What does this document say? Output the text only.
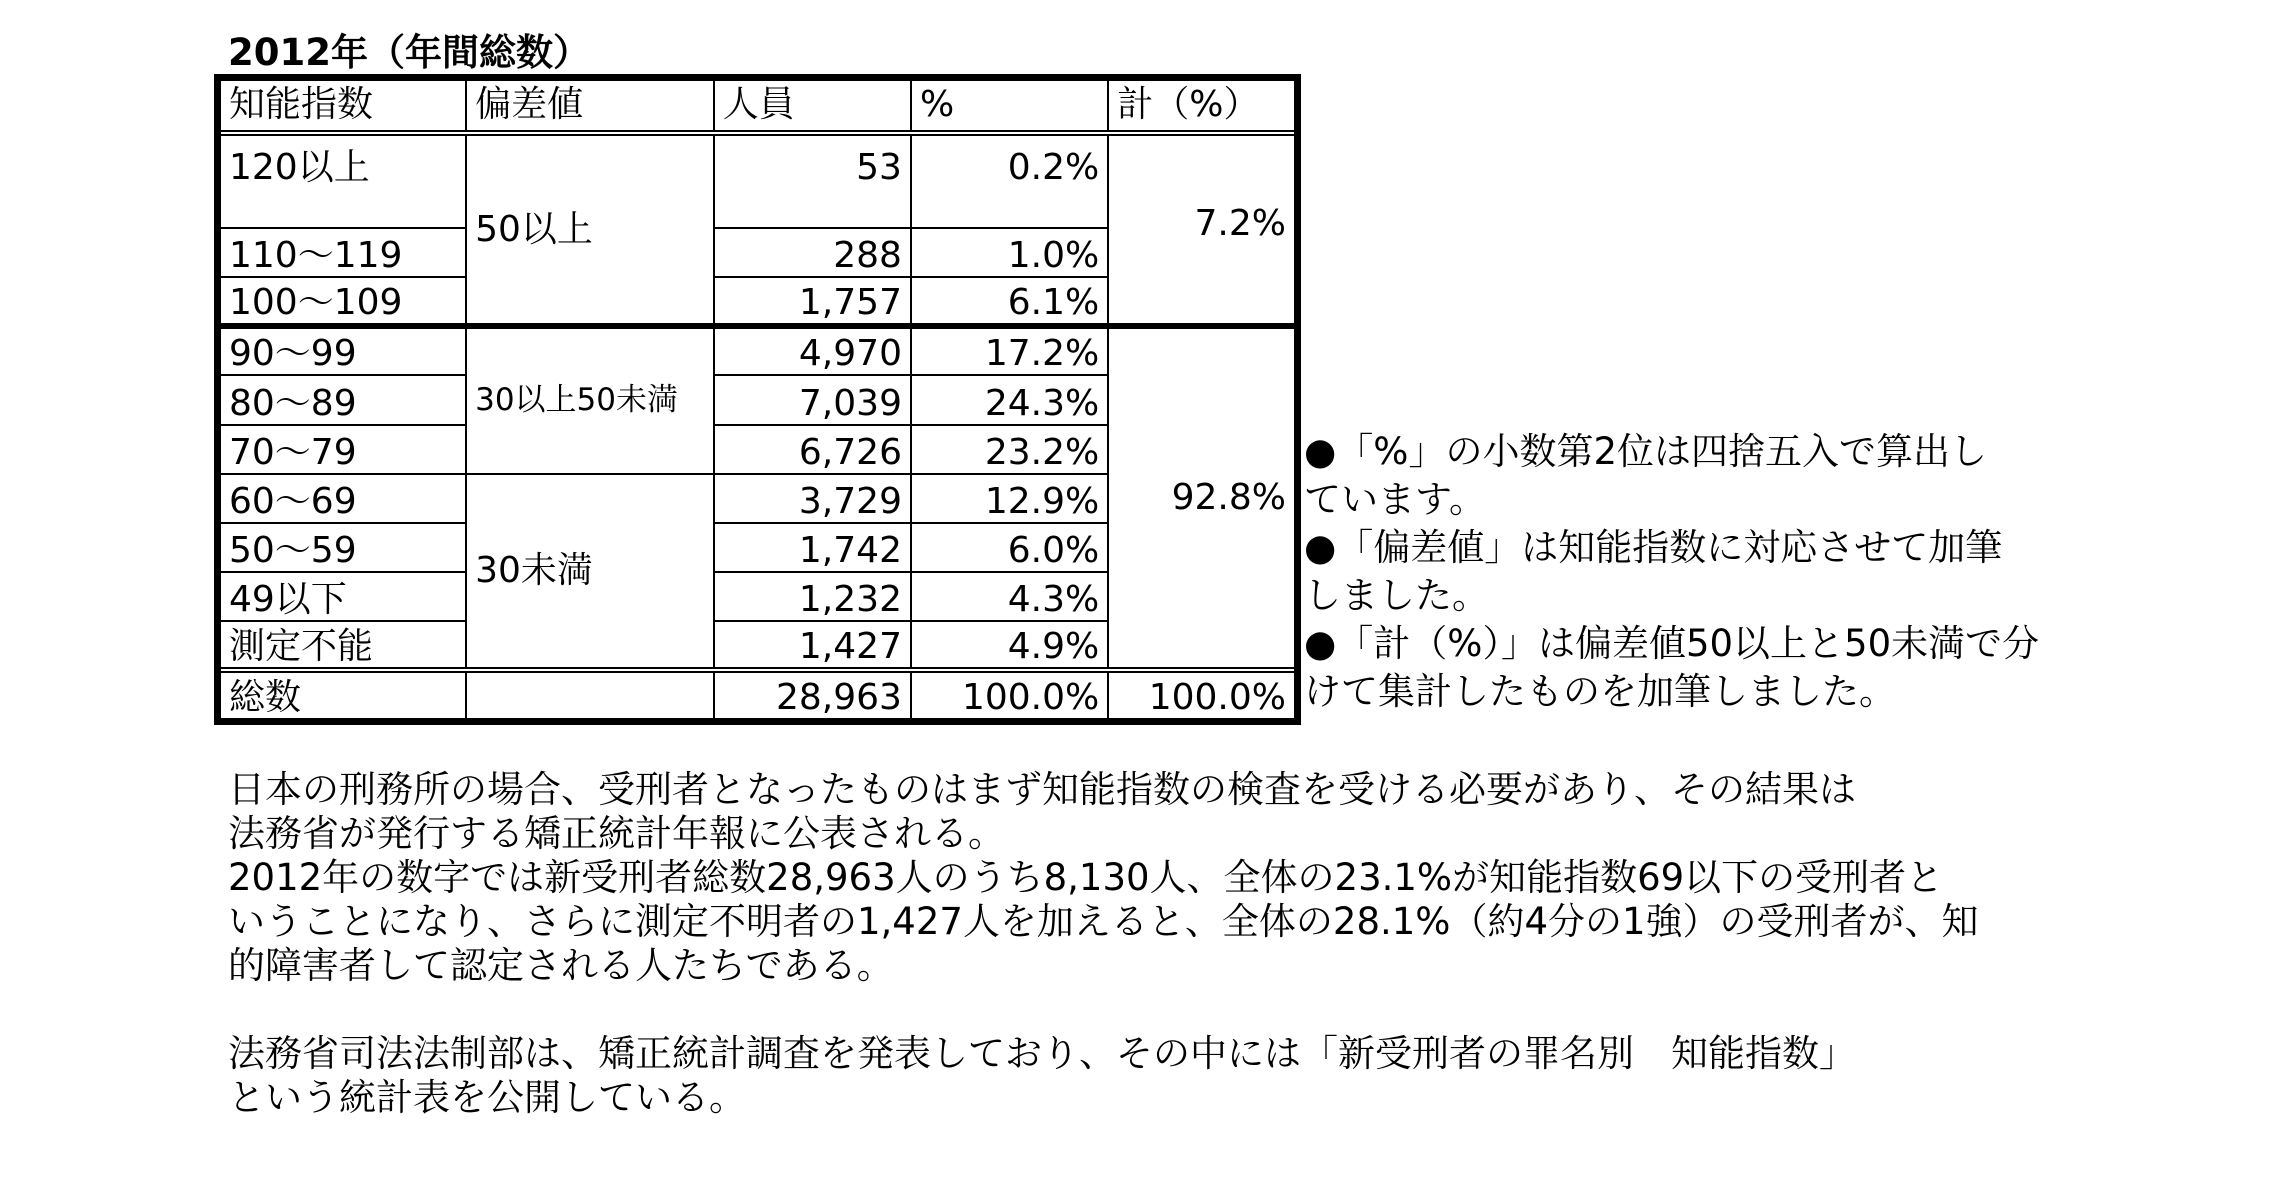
2012年（年間総数）
知能指数	偏差値	人員	%	計（%）
120以上	50以上	53	0.2%	7.2%
110～119		288	1.0%	
100～109		1,757	6.1%	
90～99	30以上50未満	4,970	17.2%	92.8%
80～89		7,039	24.3%	
70～79		6,726	23.2%	
60～69	30未満	3,729	12.9%	
50～59		1,742	6.0%	
49以下		1,232	4.3%	
測定不能		1,427	4.9%	
総数		28,963	100.0%	100.0%

●「%」の小数第2位は四捨五入で算出し

ています。

●「偏差値」は知能指数に対応させて加筆

しました。

●「計（%）」は偏差値50以上と50未満で分

けて集計したものを加筆しました。

日本の刑務所の場合、受刑者となったものはまず知能指数の検査を受ける必要があり、その結果は

法務省が発行する矯正統計年報に公表される。

2012年の数字では新受刑者総数28,963人のうち8,130人、全体の23.1%が知能指数69以下の受刑者と

いうことになり、さらに測定不明者の1,427人を加えると、全体の28.1%（約4分の1強）の受刑者が、知

的障害者して認定される人たちである。

法務省司法法制部は、矯正統計調査を発表しており、その中には「新受刑者の罪名別　知能指数」

という統計表を公開している。
